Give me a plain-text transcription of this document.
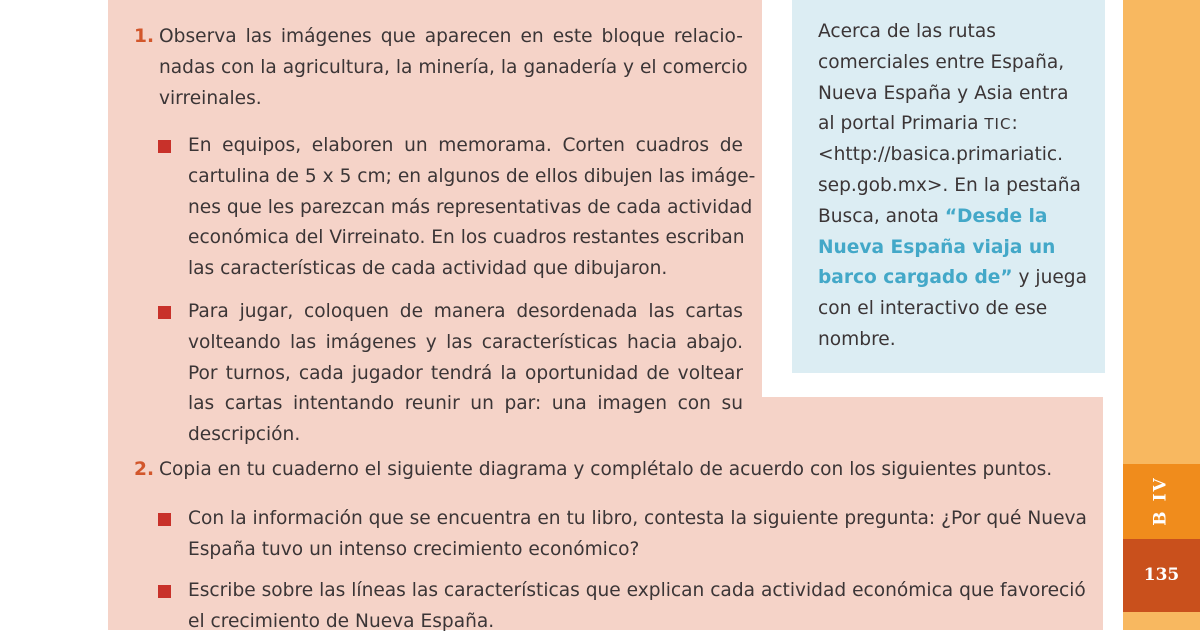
Acerca de las rutas
comerciales entre España,
Nueva España y Asia entra
al portal Primaria TIC:
<http://basica.primariatic.
sep.gob.mx>. En la pestaña
Busca, anota “Desde la
Nueva España viaja un
barco cargado de” y juega
con el interactivo de ese
nombre.

1. Observa las imágenes que aparecen en este bloque relacio-
nadas con la agricultura, la minería, la ganadería y el comercio
virreinales.
En equipos, elaboren un memorama. Corten cuadros de
cartulina de 5 x 5 cm; en algunos de ellos dibujen las imáge-
nes que les parezcan más representativas de cada actividad
económica del Virreinato. En los cuadros restantes escriban
las características de cada actividad que dibujaron.
Para jugar, coloquen de manera desordenada las cartas
volteando las imágenes y las características hacia abajo.
Por turnos, cada jugador tendrá la oportunidad de voltear
las cartas intentando reunir un par: una imagen con su
descripción.
2. Copia en tu cuaderno el siguiente diagrama y complétalo de acuerdo con los siguientes puntos.
Con la información que se encuentra en tu libro, contesta la siguiente pregunta: ¿Por qué Nueva
España tuvo un intenso crecimiento económico?
Escribe sobre las líneas las características que explican cada actividad económica que favoreció
el crecimiento de Nueva España.
B IV
135
